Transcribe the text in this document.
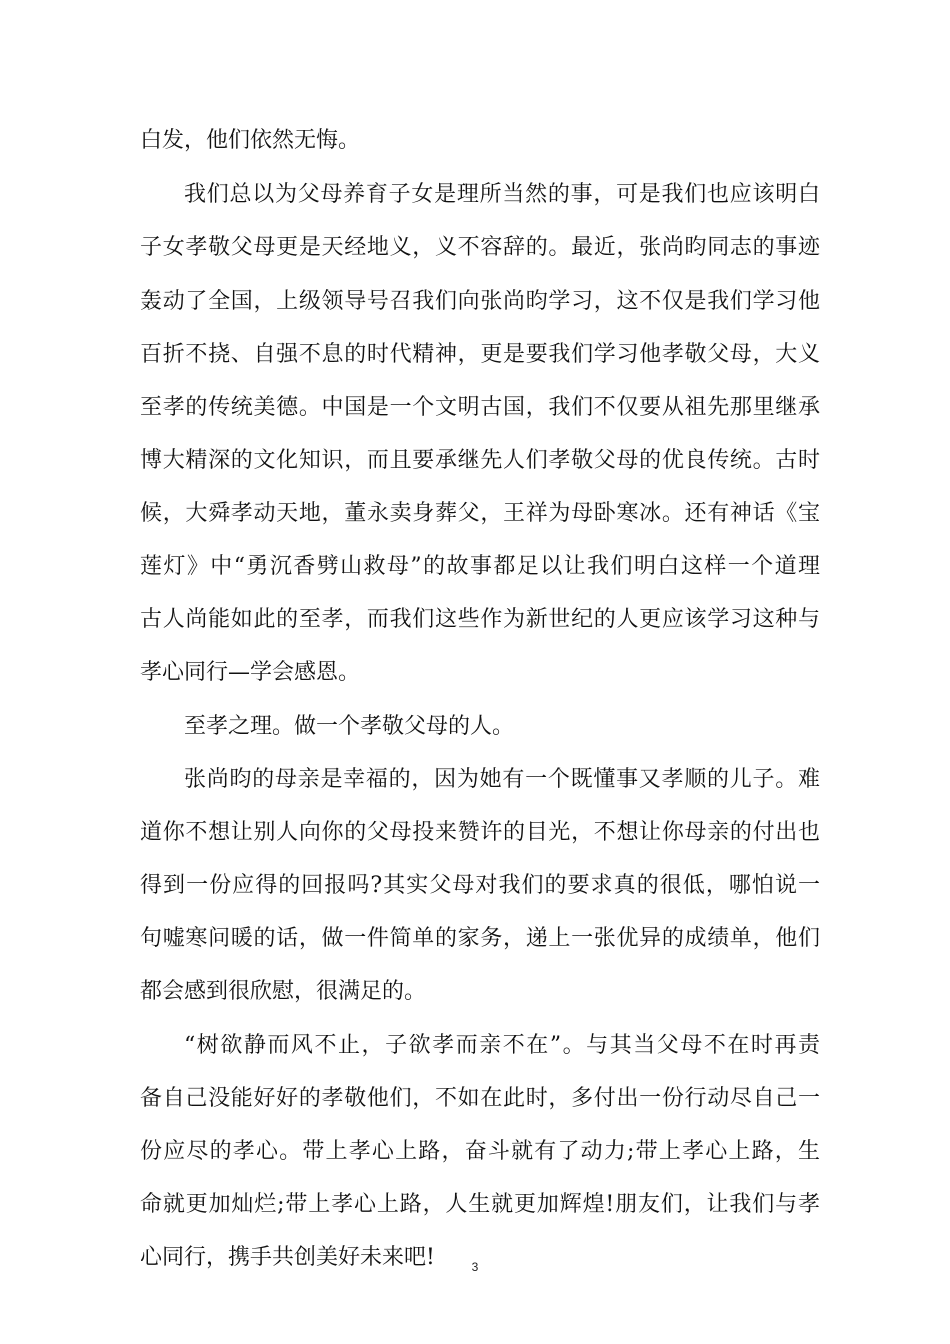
白发，他们依然无悔。
我们总以为父母养育子女是理所当然的事，可是我们也应该明白
子女孝敬父母更是天经地义，义不容辞的。最近，张尚昀同志的事迹
轰动了全国，上级领导号召我们向张尚昀学习，这不仅是我们学习他
百折不挠、自强不息的时代精神，更是要我们学习他孝敬父母，大义
至孝的传统美德。中国是一个文明古国，我们不仅要从祖先那里继承
博大精深的文化知识，而且要承继先人们孝敬父母的优良传统。古时
候，大舜孝动天地，董永卖身葬父，王祥为母卧寒冰。还有神话《宝
莲灯》中“勇沉香劈山救母”的故事都足以让我们明白这样一个道理
古人尚能如此的至孝，而我们这些作为新世纪的人更应该学习这种与
孝心同行—学会感恩。
至孝之理。做一个孝敬父母的人。
张尚昀的母亲是幸福的，因为她有一个既懂事又孝顺的儿子。难
道你不想让别人向你的父母投来赞许的目光，不想让你母亲的付出也
得到一份应得的回报吗?其实父母对我们的要求真的很低，哪怕说一
句嘘寒问暖的话，做一件简单的家务，递上一张优异的成绩单，他们
都会感到很欣慰，很满足的。
“树欲静而风不止，子欲孝而亲不在”。与其当父母不在时再责
备自己没能好好的孝敬他们，不如在此时，多付出一份行动尽自己一
份应尽的孝心。带上孝心上路，奋斗就有了动力;带上孝心上路，生
命就更加灿烂;带上孝心上路，人生就更加辉煌!朋友们，让我们与孝
心同行，携手共创美好未来吧!	3
